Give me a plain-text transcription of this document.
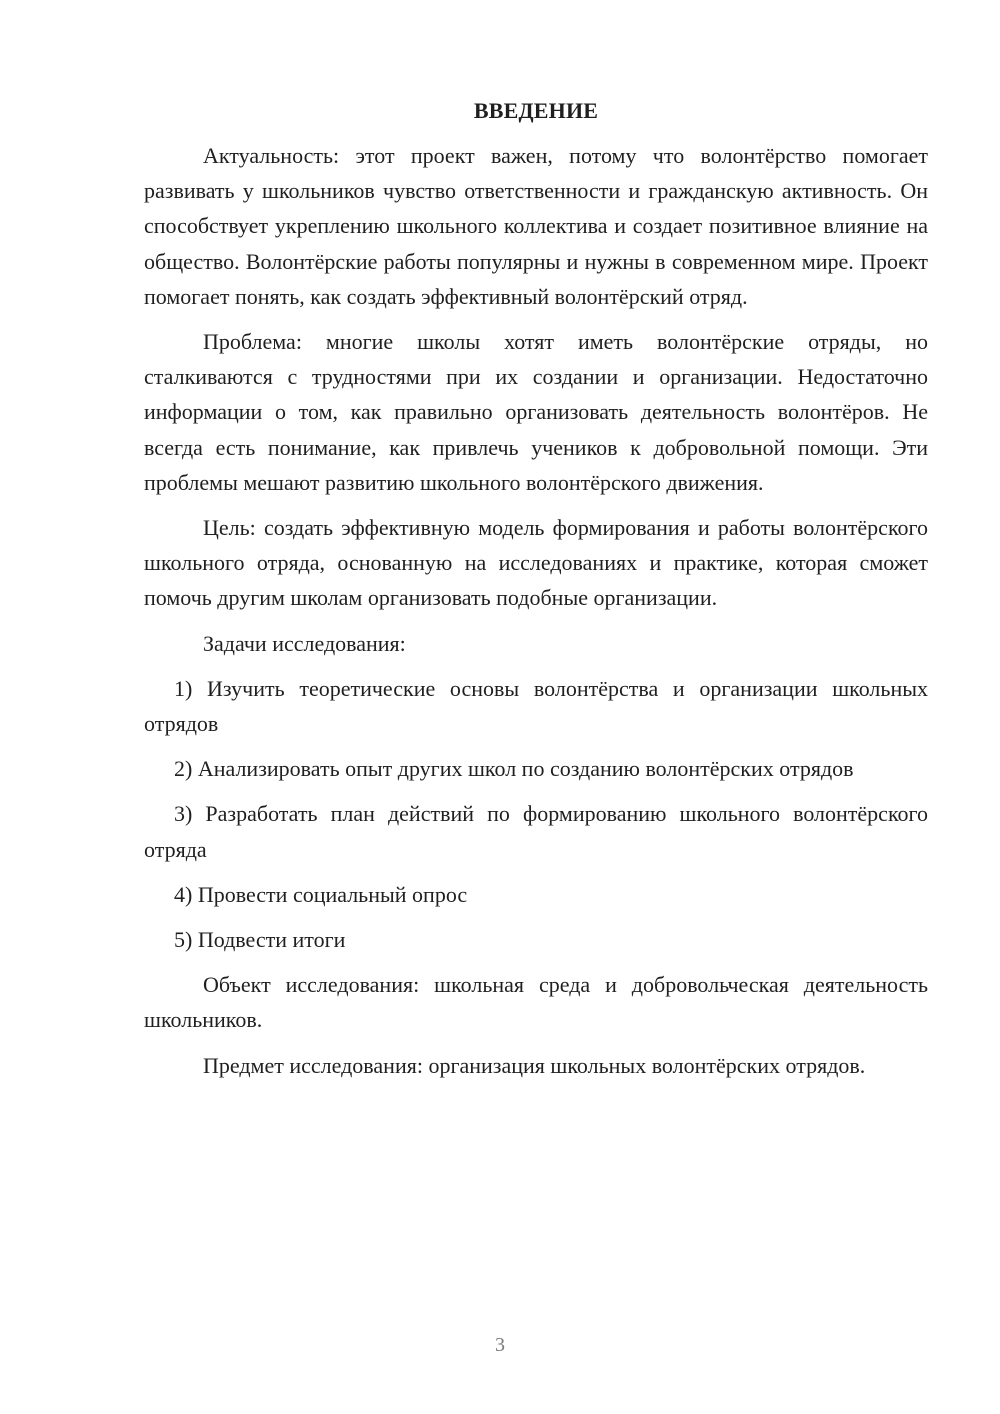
ВВЕДЕНИЕ

Актуальность: этот проект важен, потому что волонтёрство помогает развивать у школьников чувство ответственности и гражданскую активность. Он способствует укреплению школьного коллектива и создает позитивное влияние на общество. Волонтёрские работы популярны и нужны в современном мире. Проект помогает понять, как создать эффективный волонтёрский отряд.

Проблема: многие школы хотят иметь волонтёрские отряды, но сталкиваются с трудностями при их создании и организации. Недостаточно информации о том, как правильно организовать деятельность волонтёров. Не всегда есть понимание, как привлечь учеников к добровольной помощи. Эти проблемы мешают развитию школьного волонтёрского движения.

Цель: создать эффективную модель формирования и работы волонтёрского школьного отряда, основанную на исследованиях и практике, которая сможет помочь другим школам организовать подобные организации.

Задачи исследования:

1) Изучить теоретические основы волонтёрства и организации школьных отрядов

2) Анализировать опыт других школ по созданию волонтёрских отрядов

3) Разработать план действий по формированию школьного волонтёрского отряда

4) Провести социальный опрос

5) Подвести итоги

Объект исследования: школьная среда и добровольческая деятельность школьников.

Предмет исследования: организация школьных волонтёрских отрядов.

3
